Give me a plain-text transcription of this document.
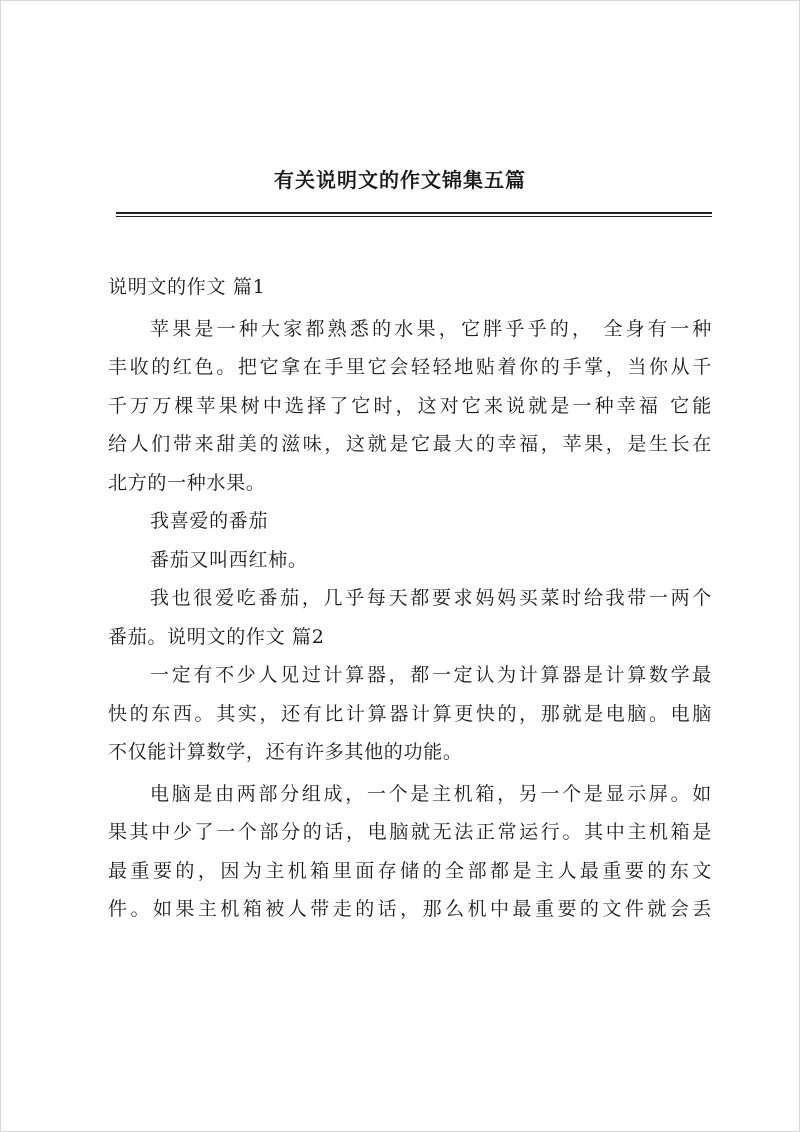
有关说明文的作文锦集五篇
说明文的作文 篇1
苹果是一种大家都熟悉的水果，它胖乎乎的， 全身有一种
丰收的红色。把它拿在手里它会轻轻地贴着你的手掌，当你从千
千万万棵苹果树中选择了它时，这对它来说就是一种幸福 它能
给人们带来甜美的滋味，这就是它最大的幸福，苹果，是生长在
北方的一种水果。
我喜爱的番茄
番茄又叫西红柿。
我也很爱吃番茄，几乎每天都要求妈妈买菜时给我带一两个
番茄。说明文的作文 篇2
一定有不少人见过计算器，都一定认为计算器是计算数学最
快的东西。其实，还有比计算器计算更快的，那就是电脑。电脑
不仅能计算数学，还有许多其他的功能。
电脑是由两部分组成，一个是主机箱，另一个是显示屏。如
果其中少了一个部分的话，电脑就无法正常运行。其中主机箱是
最重要的，因为主机箱里面存储的全部都是主人最重要的东文
件。如果主机箱被人带走的话，那么机中最重要的文件就会丢
